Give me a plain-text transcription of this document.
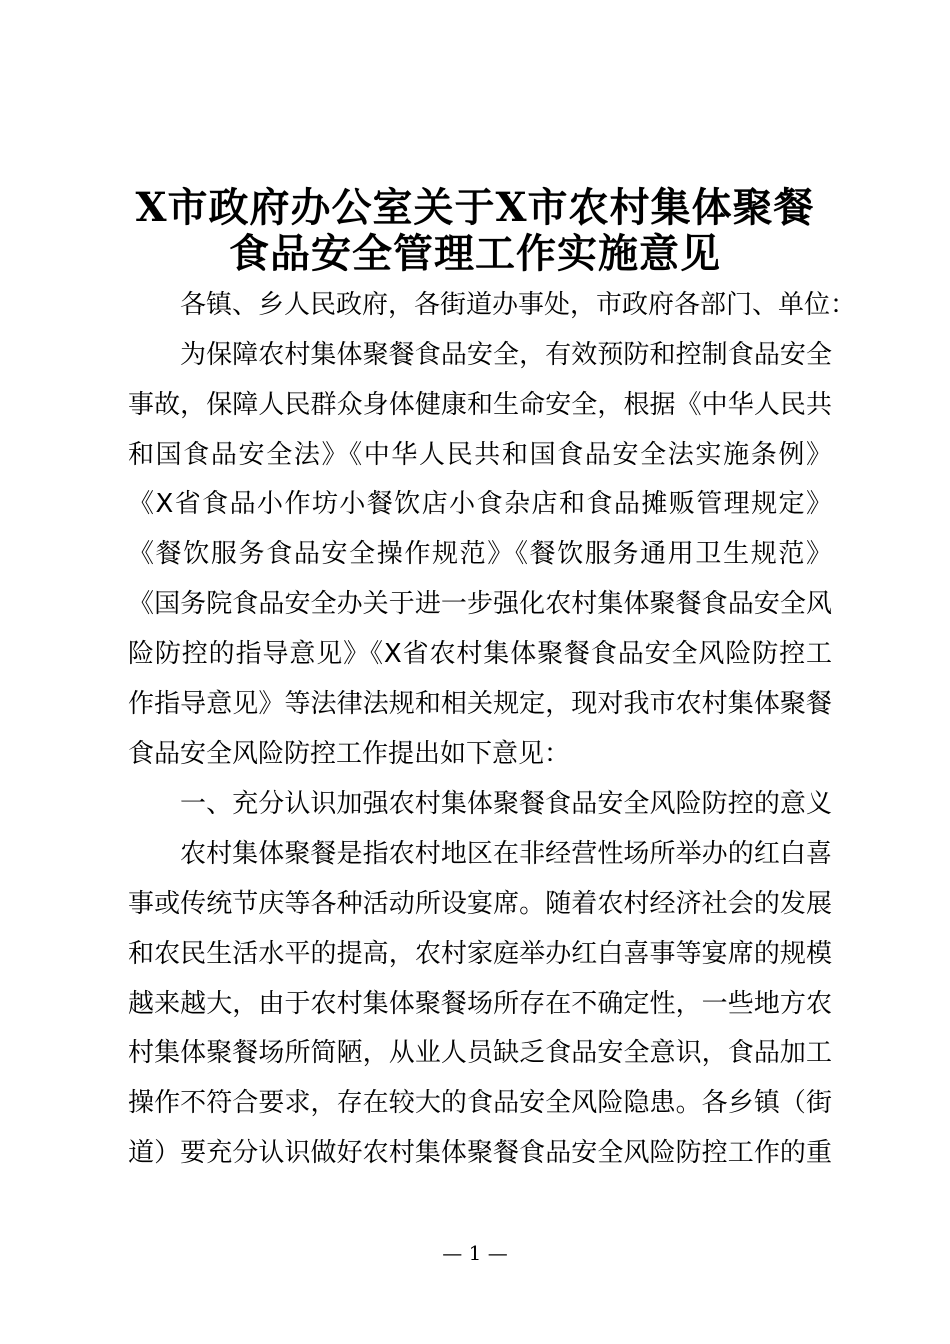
X市政府办公室关于X市农村集体聚餐
食品安全管理工作实施意见
各镇、乡人民政府，各街道办事处，市政府各部门、单位：
为保障农村集体聚餐食品安全，有效预防和控制食品安全
事故，保障人民群众身体健康和生命安全，根据《中华人民共
和国食品安全法》《中华人民共和国食品安全法实施条例》
《X省食品小作坊小餐饮店小食杂店和食品摊贩管理规定》
《餐饮服务食品安全操作规范》《餐饮服务通用卫生规范》
《国务院食品安全办关于进一步强化农村集体聚餐食品安全风
险防控的指导意见》《X省农村集体聚餐食品安全风险防控工
作指导意见》等法律法规和相关规定，现对我市农村集体聚餐
食品安全风险防控工作提出如下意见：
一、充分认识加强农村集体聚餐食品安全风险防控的意义
农村集体聚餐是指农村地区在非经营性场所举办的红白喜
事或传统节庆等各种活动所设宴席。随着农村经济社会的发展
和农民生活水平的提高，农村家庭举办红白喜事等宴席的规模
越来越大，由于农村集体聚餐场所存在不确定性，一些地方农
村集体聚餐场所简陋，从业人员缺乏食品安全意识，食品加工
操作不符合要求，存在较大的食品安全风险隐患。各乡镇（街
道）要充分认识做好农村集体聚餐食品安全风险防控工作的重
— 1 —
